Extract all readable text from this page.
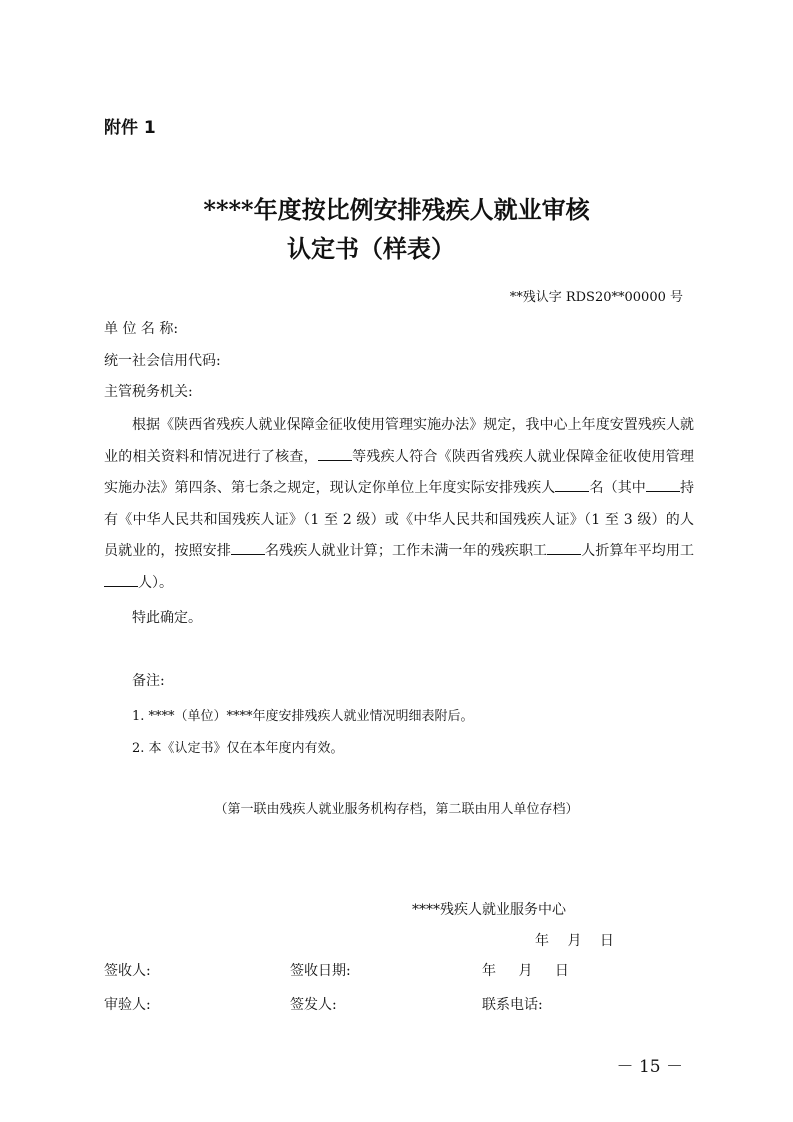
附件 1
****年度按比例安排残疾人就业审核
认定书（样表）
**残认字 RDS20**00000 号
单 位 名 称:
统一社会信用代码:
主管税务机关:

根据《陕西省残疾人就业保障金征收使用管理实施办法》规定，我中心上年度安置残疾人就业的相关资料和情况进行了核查， 等残疾人符合《陕西省残疾人就业保障金征收使用管理实施办法》第四条、第七条之规定，现认定你单位上年度实际安排残疾人 名（其中 持有《中华人民共和国残疾人证》（1 至 2 级）或《中华人民共和国残疾人证》（1 至 3 级）的人员就业的，按照安排 名残疾人就业计算；工作未满一年的残疾职工 人折算年平均用工人）。

特此确定。
备注:
1. ****（单位）****年度安排残疾人就业情况明细表附后。
2. 本《认定书》仅在本年度内有效。
（第一联由残疾人就业服务机构存档，第二联由用人单位存档）
****残疾人就业服务中心
年 月 日
签收人:	签收日期:	年 月 日
审验人:	签发人:	联系电话:
－ 15 －
